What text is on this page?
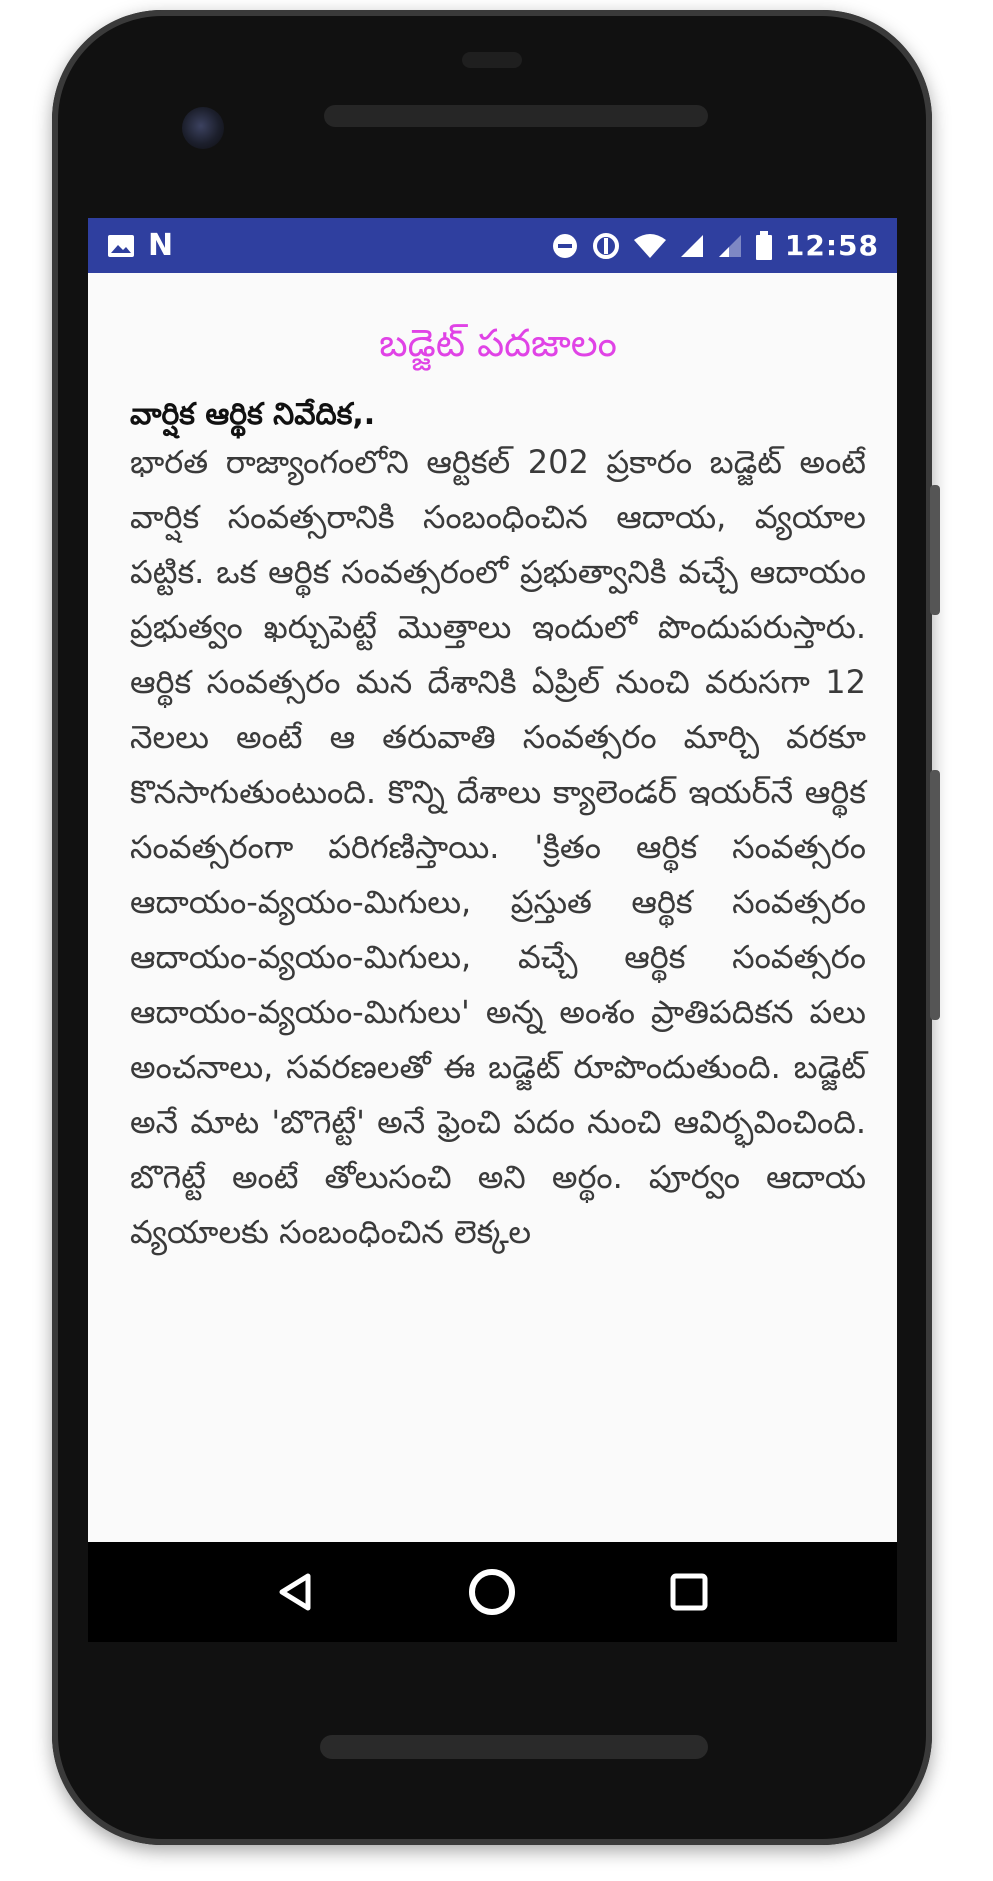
N	12:58
బడ్జెట్ పదజాలం
వార్షిక ఆర్థిక నివేదిక,.

భారత రాజ్యాంగంలోని ఆర్టికల్ 202 ప్రకారం బడ్జెట్ అంటే వార్షిక సంవత్సరానికి సంబంధించిన ఆదాయ, వ్యయాల పట్టిక. ఒక ఆర్థిక సంవత్సరంలో ప్రభుత్వానికి వచ్చే ఆదాయం ప్రభుత్వం ఖర్చుపెట్టే మొత్తాలు ఇందులో పొందుపరుస్తారు. ఆర్థిక సంవత్సరం మన దేశానికి ఏప్రిల్ నుంచి వరుసగా 12 నెలలు అంటే ఆ తరువాతి సంవత్సరం మార్చి వరకూ కొనసాగుతుంటుంది. కొన్ని దేశాలు క్యాలెండర్ ఇయర్‌నే ఆర్థిక సంవత్సరంగా పరిగణిస్తాయి. 'క్రితం ఆర్థిక సంవత్సరం ఆదాయం-వ్యయం-మిగులు, ప్రస్తుత ఆర్థిక సంవత్సరం ఆదాయం-వ్యయం-మిగులు, వచ్చే ఆర్థిక సంవత్సరం ఆదాయం-వ్యయం-మిగులు' అన్న అంశం ప్రాతిపదికన పలు అంచనాలు, సవరణలతో ఈ బడ్జెట్ రూపొందుతుంది. బడ్జెట్ అనే మాట 'బొగెట్టే' అనే ఫ్రెంచి పదం నుంచి ఆవిర్భవించింది. బొగెట్టే అంటే తోలుసంచి అని అర్థం. పూర్వం ఆదాయ వ్యయాలకు సంబంధించిన లెక్కల
